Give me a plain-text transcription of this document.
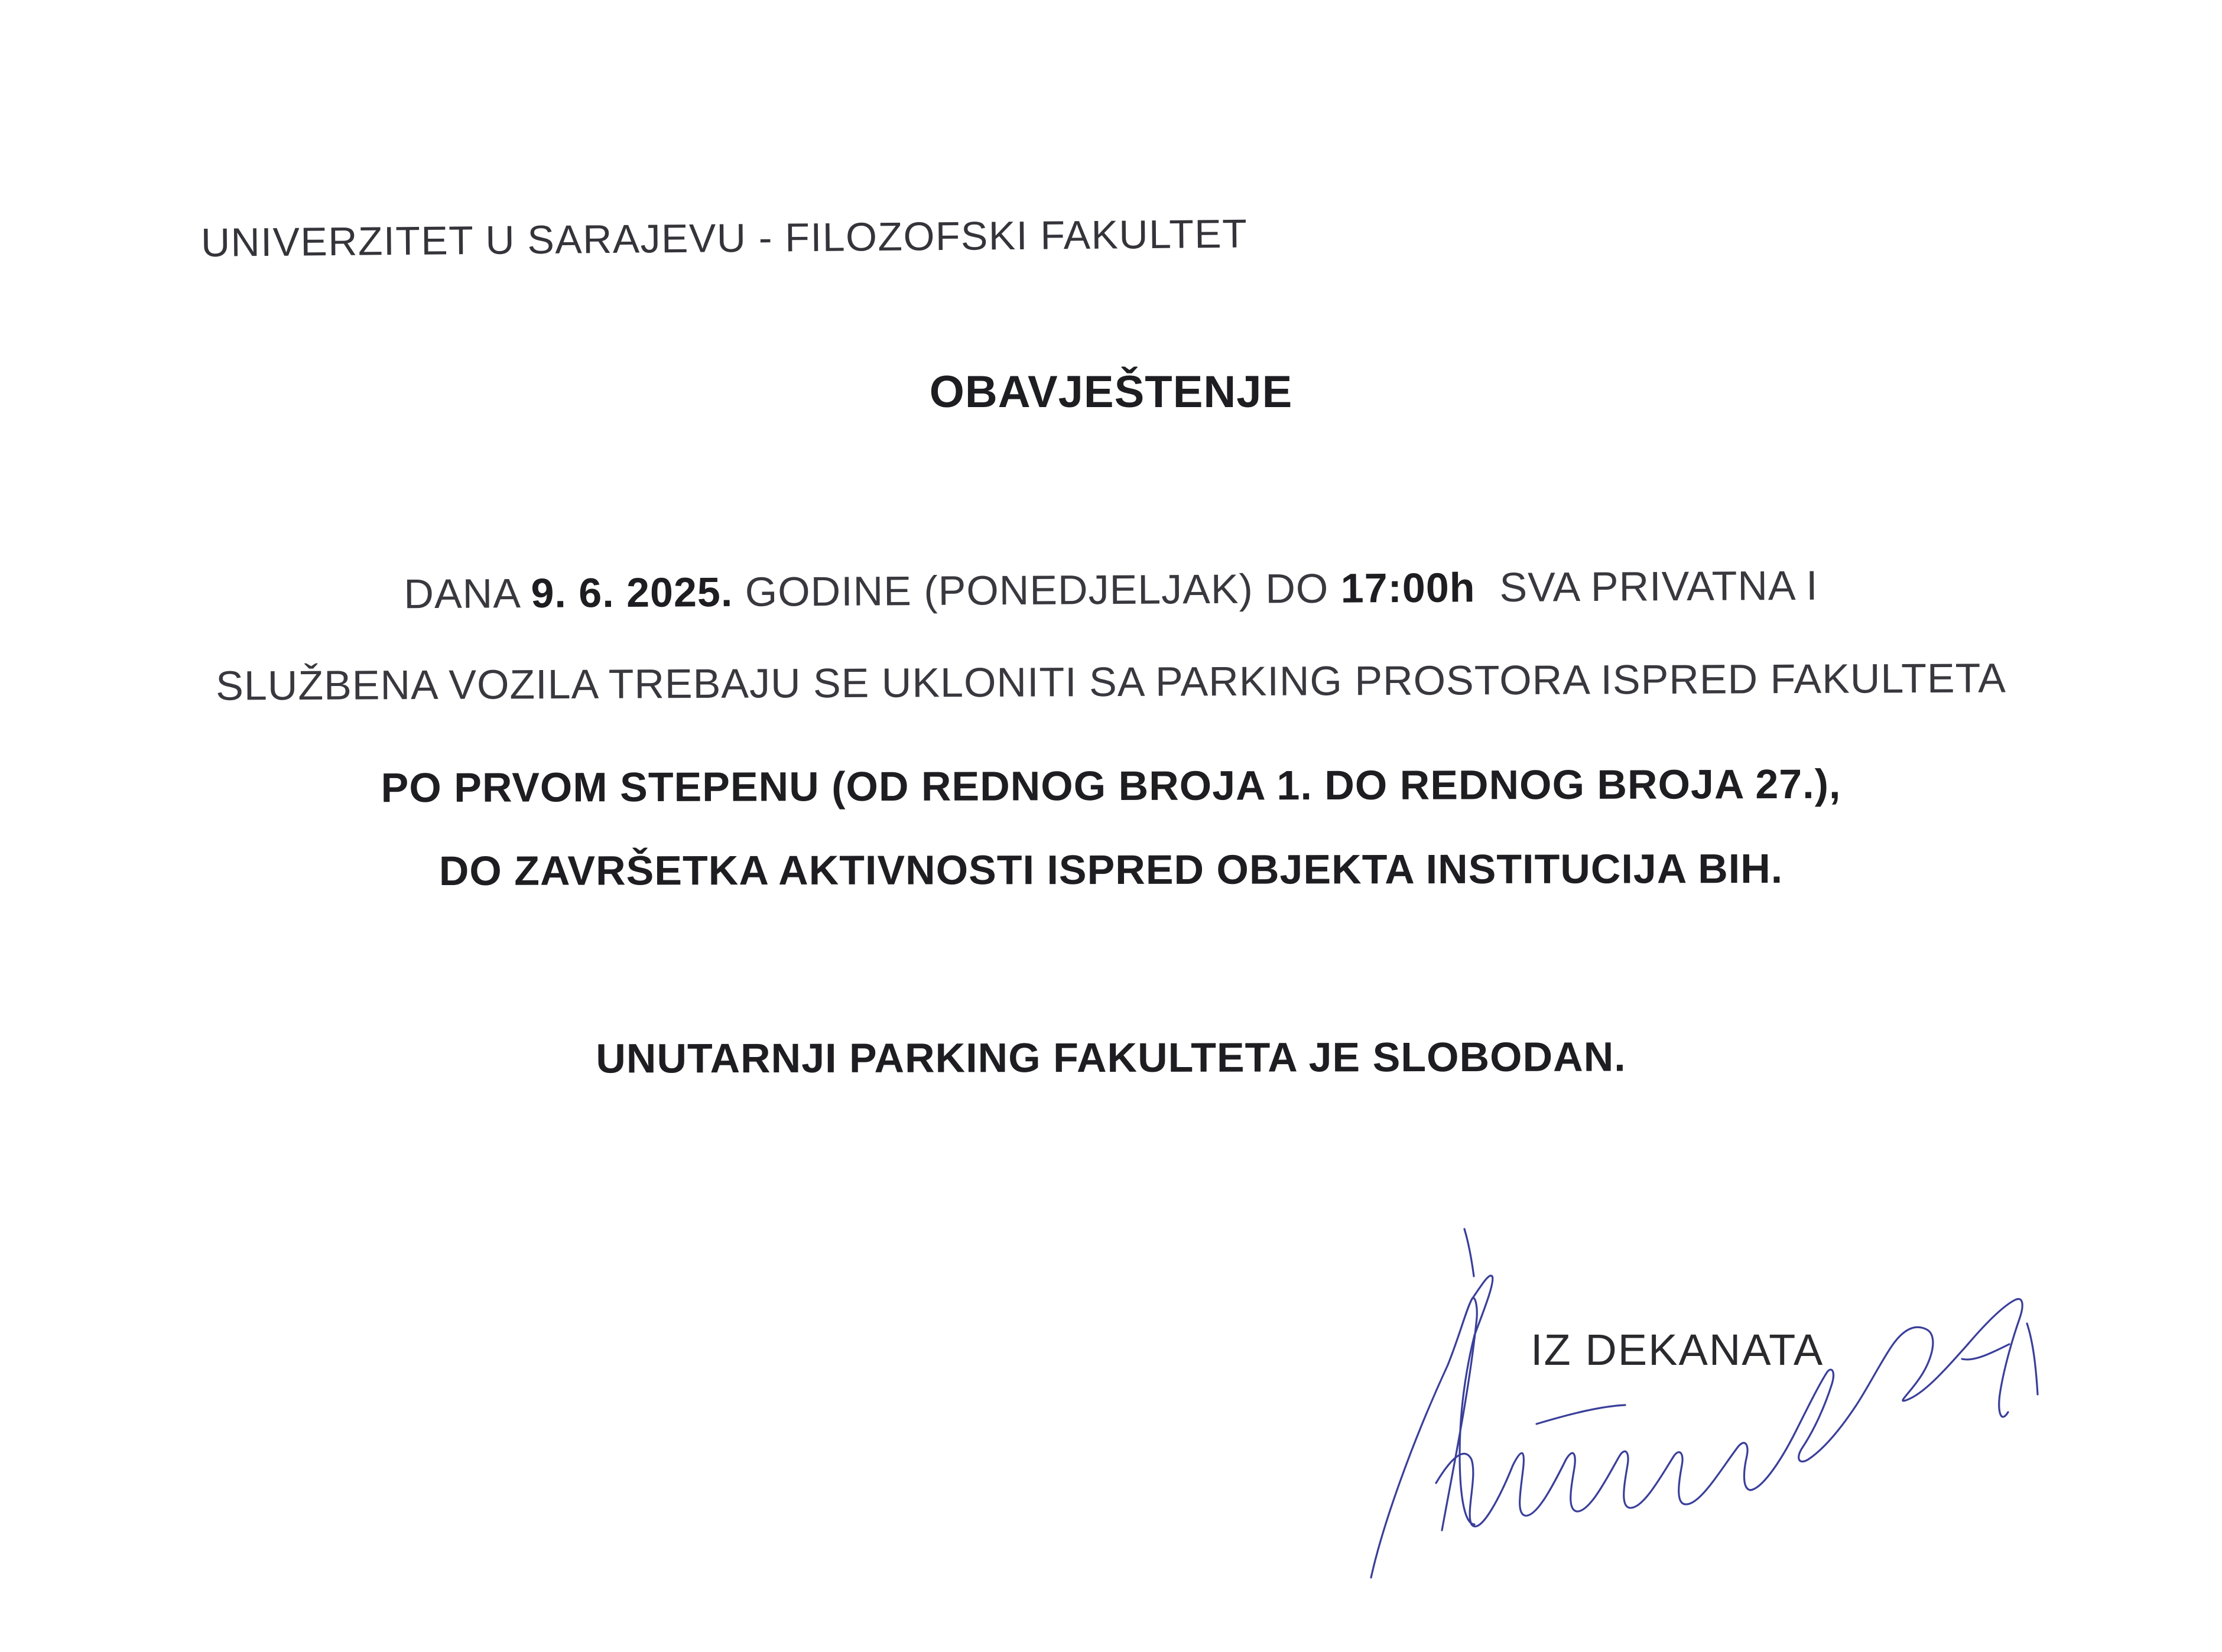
UNIVERZITET U SARAJEVU - FILOZOFSKI FAKULTET
OBAVJEŠTENJE
DANA 9. 6. 2025. GODINE (PONEDJELJAK) DO 17:00h  SVA PRIVATNA I
SLUŽBENA VOZILA TREBAJU SE UKLONITI SA PARKING PROSTORA ISPRED FAKULTETA
PO PRVOM STEPENU (OD REDNOG BROJA 1. DO REDNOG BROJA 27.),
DO ZAVRŠETKA AKTIVNOSTI ISPRED OBJEKTA INSTITUCIJA BIH.
UNUTARNJI PARKING FAKULTETA JE SLOBODAN.
IZ DEKANATA
